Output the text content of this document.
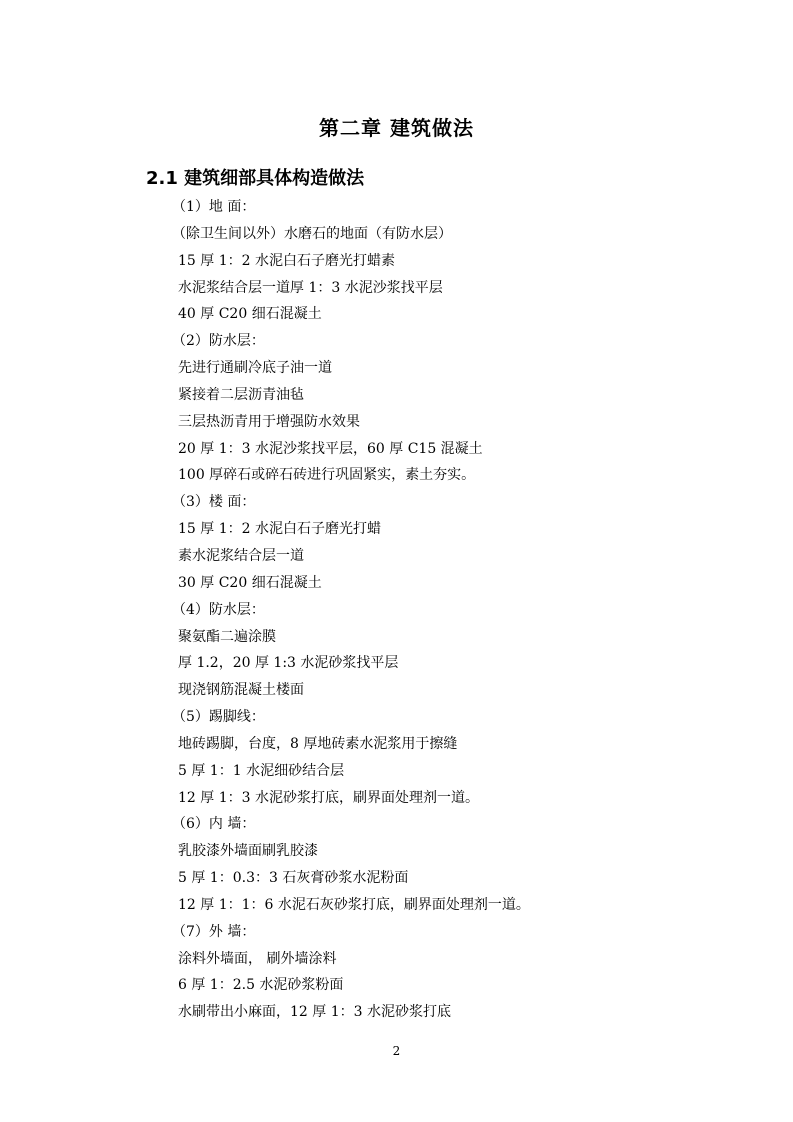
第二章 建筑做法
2.1 建筑细部具体构造做法
（1）地 面：
（除卫生间以外）水磨石的地面（有防水层）
15 厚 1：2 水泥白石子磨光打蜡素
水泥浆结合层一道厚 1：3 水泥沙浆找平层
40 厚 C20 细石混凝土
（2）防水层：
先进行通刷冷底子油一道
紧接着二层沥青油毡
三层热沥青用于增强防水效果
20 厚 1：3 水泥沙浆找平层，60 厚 C15 混凝土
100 厚碎石或碎石砖进行巩固紧实，素土夯实。
（3）楼 面：
15 厚 1：2 水泥白石子磨光打蜡
素水泥浆结合层一道
30 厚 C20 细石混凝土
（4）防水层：
聚氨酯二遍涂膜
厚 1.2，20 厚 1:3 水泥砂浆找平层
现浇钢筋混凝土楼面
（5）踢脚线：
地砖踢脚，台度，8 厚地砖素水泥浆用于擦缝
5 厚 1：1 水泥细砂结合层
12 厚 1：3 水泥砂浆打底，刷界面处理剂一道。
（6）内 墙：
乳胶漆外墙面刷乳胶漆
5 厚 1：0.3：3 石灰膏砂浆水泥粉面
12 厚 1：1：6 水泥石灰砂浆打底，刷界面处理剂一道。
（7）外 墙：
涂料外墙面， 刷外墙涂料
6 厚 1：2.5 水泥砂浆粉面
水刷带出小麻面，12 厚 1：3 水泥砂浆打底
2
